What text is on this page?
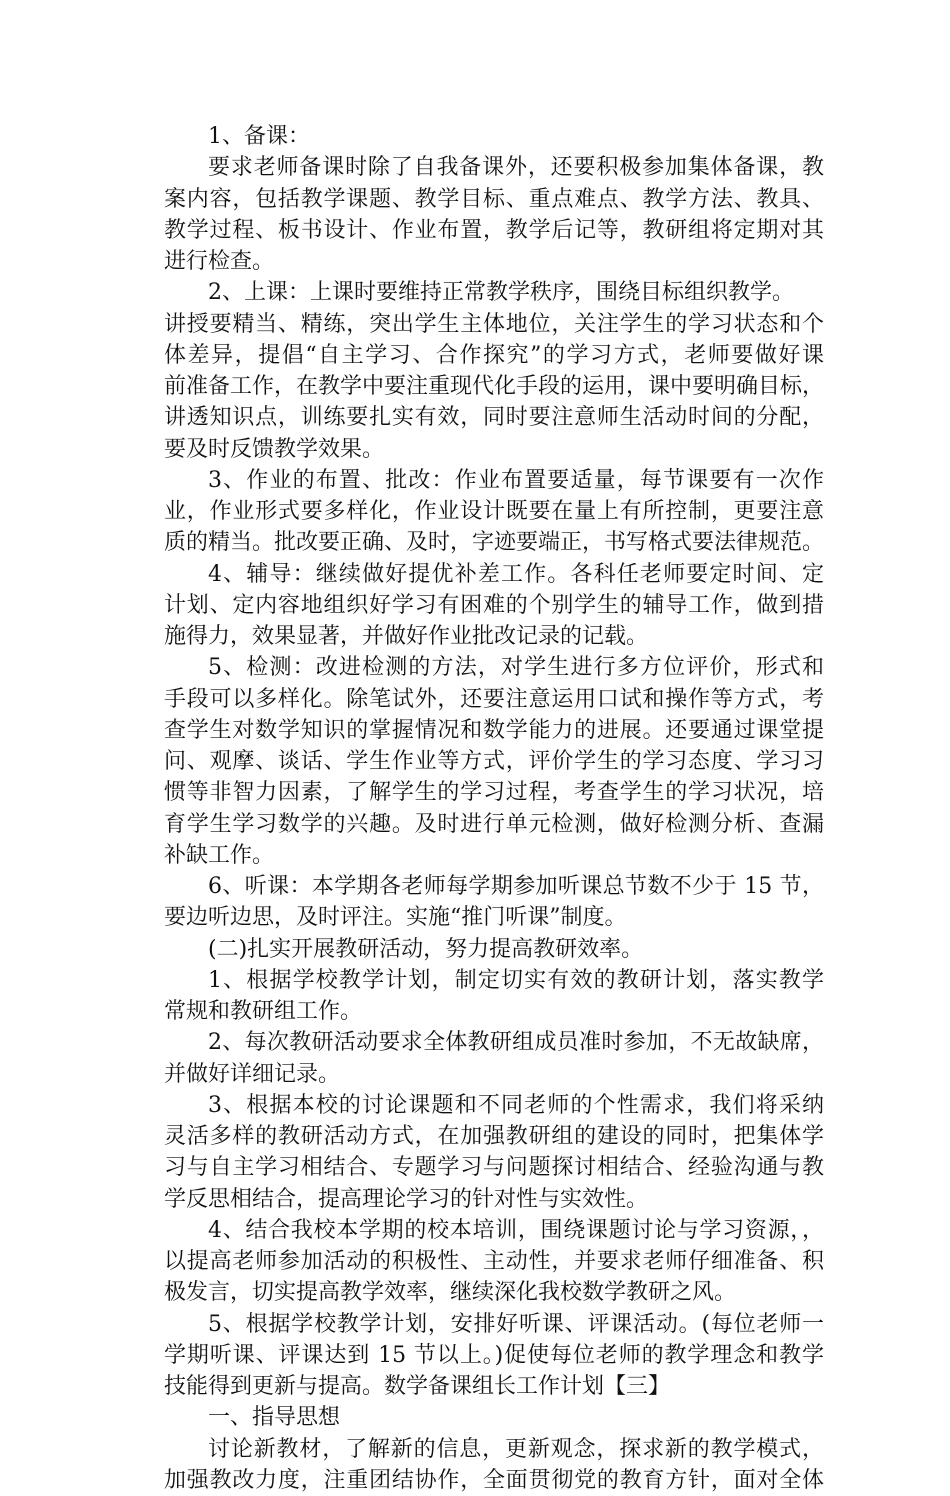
1、备课：
要求老师备课时除了自我备课外，还要积极参加集体备课，教
案内容，包括教学课题、教学目标、重点难点、教学方法、教具、
教学过程、板书设计、作业布置，教学后记等，教研组将定期对其
进行检查。
2、上课：上课时要维持正常教学秩序，围绕目标组织教学。
讲授要精当、精练，突出学生主体地位，关注学生的学习状态和个
体差异，提倡“自主学习、合作探究”的学习方式，老师要做好课
前准备工作，在教学中要注重现代化手段的运用，课中要明确目标，
讲透知识点，训练要扎实有效，同时要注意师生活动时间的分配，
要及时反馈教学效果。
3、作业的布置、批改：作业布置要适量，每节课要有一次作
业，作业形式要多样化，作业设计既要在量上有所控制，更要注意
质的精当。批改要正确、及时，字迹要端正，书写格式要法律规范。
4、辅导：继续做好提优补差工作。各科任老师要定时间、定
计划、定内容地组织好学习有困难的个别学生的辅导工作，做到措
施得力，效果显著，并做好作业批改记录的记载。
5、检测：改进检测的方法，对学生进行多方位评价，形式和
手段可以多样化。除笔试外，还要注意运用口试和操作等方式，考
查学生对数学知识的掌握情况和数学能力的进展。还要通过课堂提
问、观摩、谈话、学生作业等方式，评价学生的学习态度、学习习
惯等非智力因素，了解学生的学习过程，考查学生的学习状况，培
育学生学习数学的兴趣。及时进行单元检测，做好检测分析、查漏
补缺工作。
6、听课：本学期各老师每学期参加听课总节数不少于 15 节，
要边听边思，及时评注。实施“推门听课”制度。
(二)扎实开展教研活动，努力提高教研效率。
1、根据学校教学计划，制定切实有效的教研计划，落实教学
常规和教研组工作。
2、每次教研活动要求全体教研组成员准时参加，不无故缺席，
并做好详细记录。
3、根据本校的讨论课题和不同老师的个性需求，我们将采纳
灵活多样的教研活动方式，在加强教研组的建设的同时，把集体学
习与自主学习相结合、专题学习与问题探讨相结合、经验沟通与教
学反思相结合，提高理论学习的针对性与实效性。
4、结合我校本学期的校本培训，围绕课题讨论与学习资源，，
以提高老师参加活动的积极性、主动性，并要求老师仔细准备、积
极发言，切实提高教学效率，继续深化我校数学教研之风。
5、根据学校教学计划，安排好听课、评课活动。(每位老师一
学期听课、评课达到 15 节以上。)促使每位老师的教学理念和教学
技能得到更新与提高。数学备课组长工作计划【三】
一、指导思想
讨论新教材，了解新的信息，更新观念，探求新的教学模式，
加强教改力度，注重团结协作，全面贯彻党的教育方针，面对全体
